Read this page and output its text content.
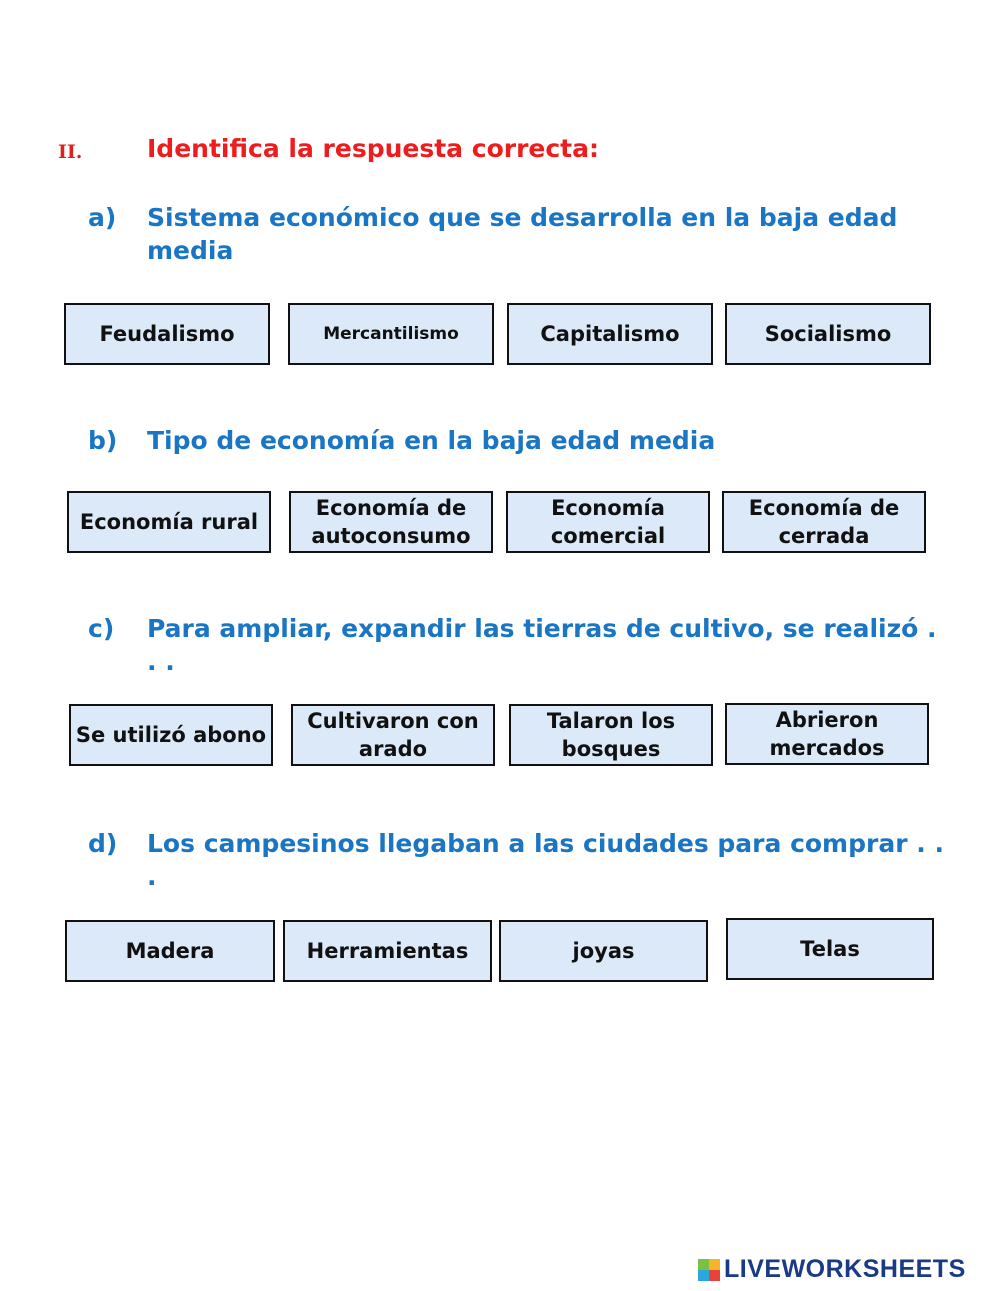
II.	Identifica la respuesta correcta:
a) Sistema económico que se desarrolla en la baja edad media
Feudalismo	Mercantilismo	Capitalismo	Socialismo
b) Tipo de economía en la baja edad media
Economía rural
Economía de autoconsumo
Economía comercial
Economía de cerrada
c) Para ampliar, expandir las tierras de cultivo, se realizó . . .
Se utilizó abono
Cultivaron con arado
Talaron los bosques
Abrieron mercados
d) Los campesinos llegaban a las ciudades para comprar . . .
Madera	Herramientas	joyas	Telas
LIVEWORKSHEETS
